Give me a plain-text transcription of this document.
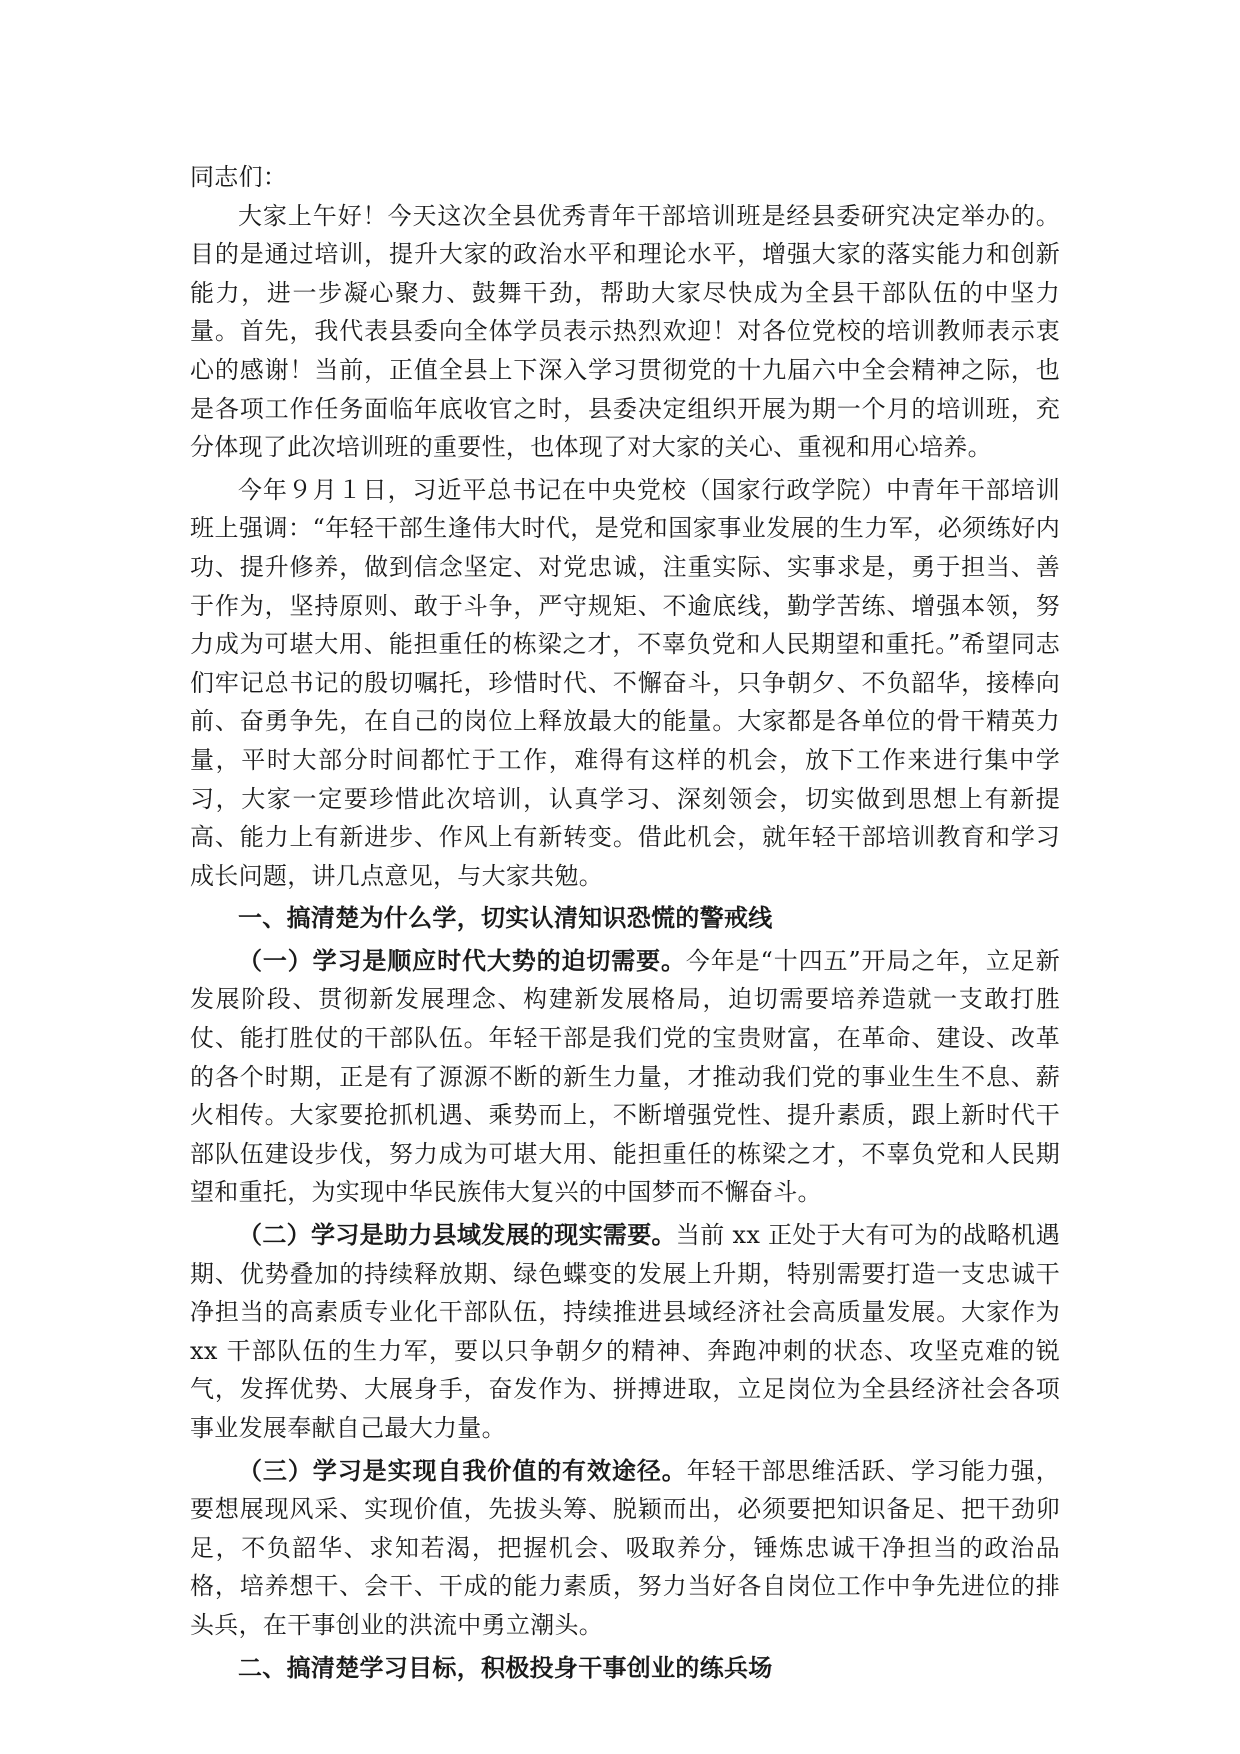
同志们：

大家上午好！今天这次全县优秀青年干部培训班是经县委研究决定举办的。目的是通过培训，提升大家的政治水平和理论水平，增强大家的落实能力和创新能力，进一步凝心聚力、鼓舞干劲，帮助大家尽快成为全县干部队伍的中坚力量。首先，我代表县委向全体学员表示热烈欢迎！对各位党校的培训教师表示衷心的感谢！当前，正值全县上下深入学习贯彻党的十九届六中全会精神之际，也是各项工作任务面临年底收官之时，县委决定组织开展为期一个月的培训班，充分体现了此次培训班的重要性，也体现了对大家的关心、重视和用心培养。

今年９月１日，习近平总书记在中央党校（国家行政学院）中青年干部培训班上强调：“年轻干部生逢伟大时代，是党和国家事业发展的生力军，必须练好内功、提升修养，做到信念坚定、对党忠诚，注重实际、实事求是，勇于担当、善于作为，坚持原则、敢于斗争，严守规矩、不逾底线，勤学苦练、增强本领，努力成为可堪大用、能担重任的栋梁之才，不辜负党和人民期望和重托。”希望同志们牢记总书记的殷切嘱托，珍惜时代、不懈奋斗，只争朝夕、不负韶华，接棒向前、奋勇争先，在自己的岗位上释放最大的能量。大家都是各单位的骨干精英力量，平时大部分时间都忙于工作，难得有这样的机会，放下工作来进行集中学习，大家一定要珍惜此次培训，认真学习、深刻领会，切实做到思想上有新提高、能力上有新进步、作风上有新转变。借此机会，就年轻干部培训教育和学习成长问题，讲几点意见，与大家共勉。

一、搞清楚为什么学，切实认清知识恐慌的警戒线

（一）学习是顺应时代大势的迫切需要。今年是“十四五”开局之年，立足新发展阶段、贯彻新发展理念、构建新发展格局，迫切需要培养造就一支敢打胜仗、能打胜仗的干部队伍。年轻干部是我们党的宝贵财富，在革命、建设、改革的各个时期，正是有了源源不断的新生力量，才推动我们党的事业生生不息、薪火相传。大家要抢抓机遇、乘势而上，不断增强党性、提升素质，跟上新时代干部队伍建设步伐，努力成为可堪大用、能担重任的栋梁之才，不辜负党和人民期望和重托，为实现中华民族伟大复兴的中国梦而不懈奋斗。

（二）学习是助力县域发展的现实需要。当前 xx 正处于大有可为的战略机遇期、优势叠加的持续释放期、绿色蝶变的发展上升期，特别需要打造一支忠诚干净担当的高素质专业化干部队伍，持续推进县域经济社会高质量发展。大家作为 xx 干部队伍的生力军，要以只争朝夕的精神、奔跑冲刺的状态、攻坚克难的锐气，发挥优势、大展身手，奋发作为、拼搏进取，立足岗位为全县经济社会各项事业发展奉献自己最大力量。

（三）学习是实现自我价值的有效途径。年轻干部思维活跃、学习能力强，要想展现风采、实现价值，先拔头筹、脱颖而出，必须要把知识备足、把干劲卯足，不负韶华、求知若渴，把握机会、吸取养分，锤炼忠诚干净担当的政治品格，培养想干、会干、干成的能力素质，努力当好各自岗位工作中争先进位的排头兵，在干事创业的洪流中勇立潮头。

二、搞清楚学习目标，积极投身干事创业的练兵场
